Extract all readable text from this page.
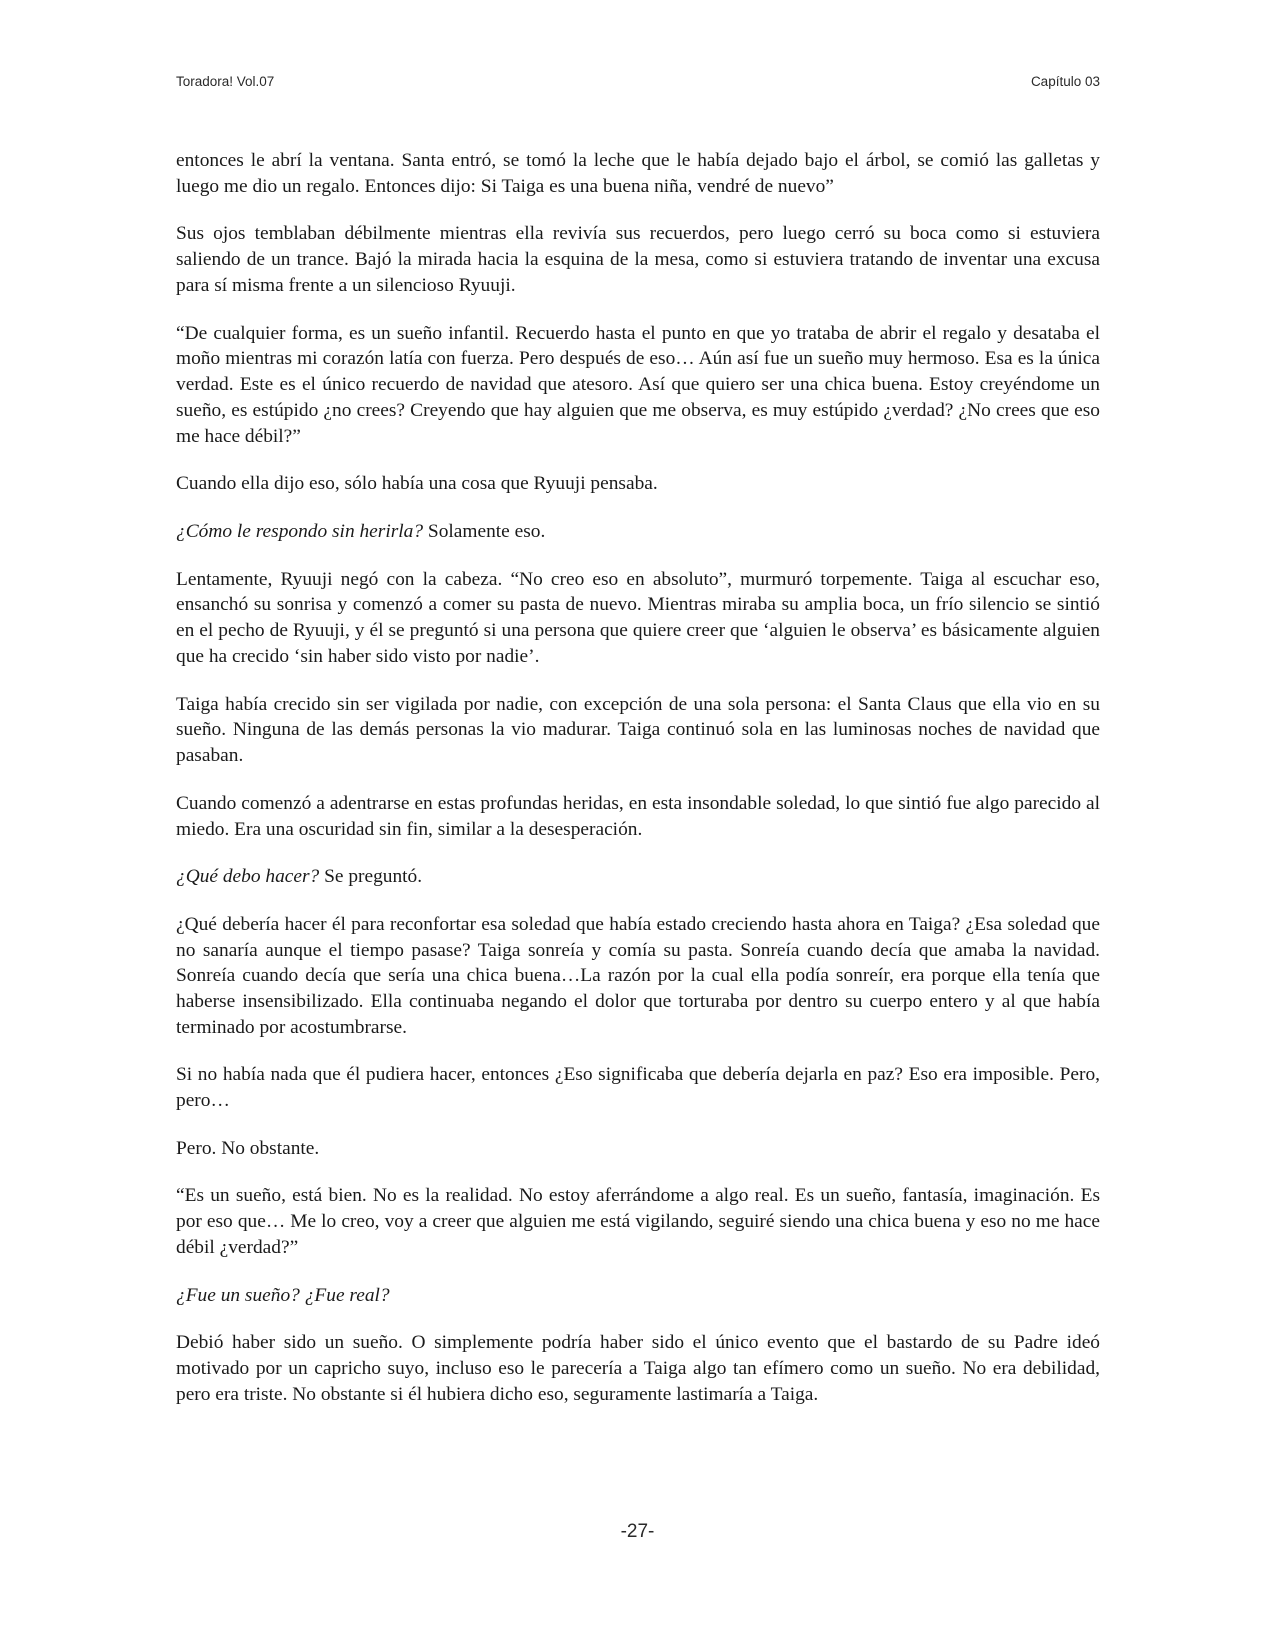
Toradora! Vol.07	Capítulo 03

entonces le abrí la ventana. Santa entró, se tomó la leche que le había dejado bajo el árbol, se comió las galletas y luego me dio un regalo. Entonces dijo: Si Taiga es una buena niña, vendré de nuevo”

Sus ojos temblaban débilmente mientras ella revivía sus recuerdos, pero luego cerró su boca como si estuviera saliendo de un trance. Bajó la mirada hacia la esquina de la mesa, como si estuviera tratando de inventar una excusa para sí misma frente a un silencioso Ryuuji.

“De cualquier forma, es un sueño infantil. Recuerdo hasta el punto en que yo trataba de abrir el regalo y desataba el moño mientras mi corazón latía con fuerza. Pero después de eso… Aún así fue un sueño muy hermoso. Esa es la única verdad. Este es el único recuerdo de navidad que atesoro. Así que quiero ser una chica buena. Estoy creyéndome un sueño, es estúpido ¿no crees? Creyendo que hay alguien que me observa, es muy estúpido ¿verdad? ¿No crees que eso me hace débil?”

Cuando ella dijo eso, sólo había una cosa que Ryuuji pensaba.

¿Cómo le respondo sin herirla? Solamente eso.

Lentamente, Ryuuji negó con la cabeza. “No creo eso en absoluto”, murmuró torpemente. Taiga al escuchar eso, ensanchó su sonrisa y comenzó a comer su pasta de nuevo. Mientras miraba su amplia boca, un frío silencio se sintió en el pecho de Ryuuji, y él se preguntó si una persona que quiere creer que ‘alguien le observa’ es básicamente alguien que ha crecido ‘sin haber sido visto por nadie’.

Taiga había crecido sin ser vigilada por nadie, con excepción de una sola persona: el Santa Claus que ella vio en su sueño. Ninguna de las demás personas la vio madurar. Taiga continuó sola en las luminosas noches de navidad que pasaban.

Cuando comenzó a adentrarse en estas profundas heridas, en esta insondable soledad, lo que sintió fue algo parecido al miedo. Era una oscuridad sin fin, similar a la desesperación.

¿Qué debo hacer? Se preguntó.

¿Qué debería hacer él para reconfortar esa soledad que había estado creciendo hasta ahora en Taiga? ¿Esa soledad que no sanaría aunque el tiempo pasase? Taiga sonreía y comía su pasta. Sonreía cuando decía que amaba la navidad. Sonreía cuando decía que sería una chica buena…La razón por la cual ella podía sonreír, era porque ella tenía que haberse insensibilizado. Ella continuaba negando el dolor que torturaba por dentro su cuerpo entero y al que había terminado por acostumbrarse.

Si no había nada que él pudiera hacer, entonces ¿Eso significaba que debería dejarla en paz? Eso era imposible. Pero, pero…

Pero. No obstante.

“Es un sueño, está bien. No es la realidad. No estoy aferrándome a algo real. Es un sueño, fantasía, imaginación. Es por eso que… Me lo creo, voy a creer que alguien me está vigilando, seguiré siendo una chica buena y eso no me hace débil ¿verdad?”

¿Fue un sueño? ¿Fue real?

Debió haber sido un sueño. O simplemente podría haber sido el único evento que el bastardo de su Padre ideó motivado por un capricho suyo, incluso eso le parecería a Taiga algo tan efímero como un sueño. No era debilidad, pero era triste. No obstante si él hubiera dicho eso, seguramente lastimaría a Taiga.

-27-
